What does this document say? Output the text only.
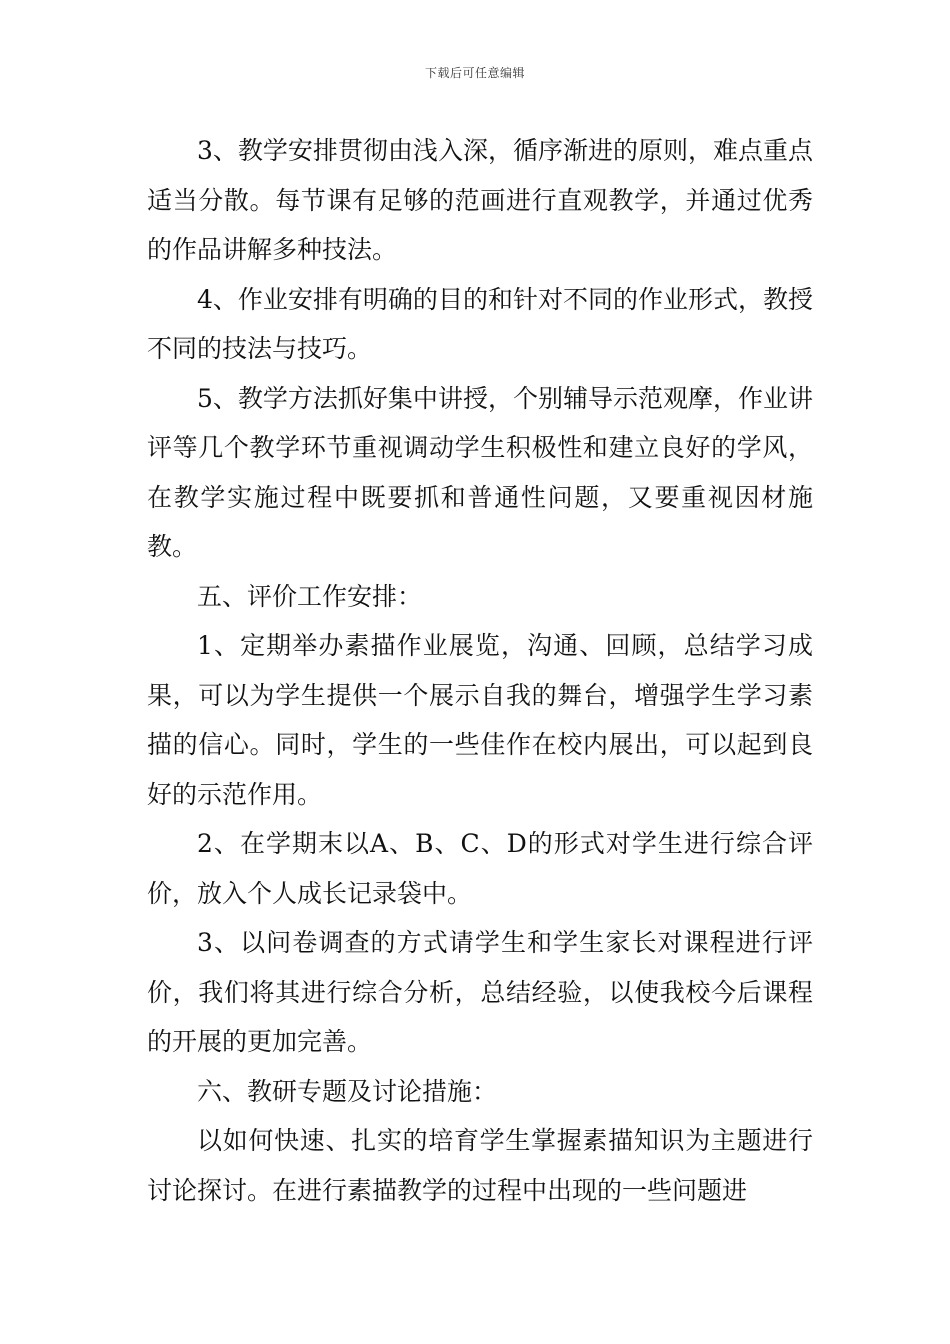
下载后可任意编辑

3、教学安排贯彻由浅入深，循序渐进的原则，难点重点适当分散。每节课有足够的范画进行直观教学，并通过优秀的作品讲解多种技法。

4、作业安排有明确的目的和针对不同的作业形式，教授不同的技法与技巧。

5、教学方法抓好集中讲授，个别辅导示范观摩，作业讲评等几个教学环节重视调动学生积极性和建立良好的学风，在教学实施过程中既要抓和普通性问题，又要重视因材施教。

五、评价工作安排：

1、定期举办素描作业展览，沟通、回顾，总结学习成果，可以为学生提供一个展示自我的舞台，增强学生学习素描的信心。同时，学生的一些佳作在校内展出，可以起到良好的示范作用。

2、在学期末以A、B、C、D的形式对学生进行综合评价，放入个人成长记录袋中。

3、以问卷调查的方式请学生和学生家长对课程进行评价，我们将其进行综合分析，总结经验，以使我校今后课程的开展的更加完善。

六、教研专题及讨论措施：

以如何快速、扎实的培育学生掌握素描知识为主题进行讨论探讨。在进行素描教学的过程中出现的一些问题进
